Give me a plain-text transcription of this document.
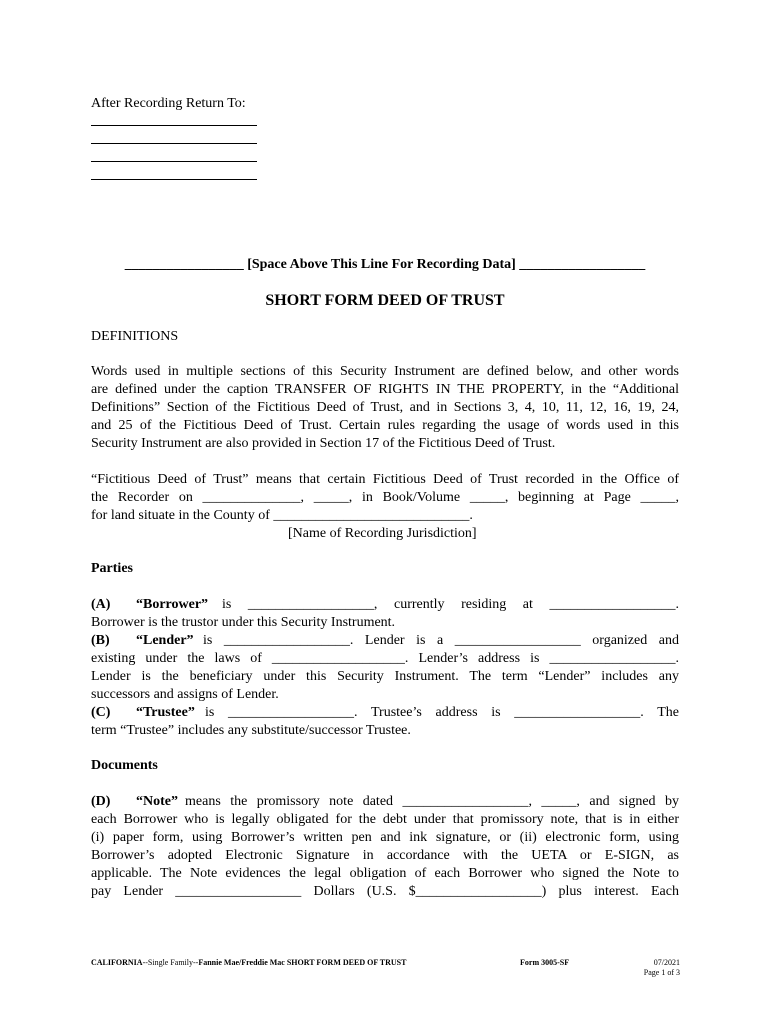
After Recording Return To:
_________________ [Space Above This Line For Recording Data] __________________
SHORT FORM DEED OF TRUST
DEFINITIONS
Words used in multiple sections of this Security Instrument are defined below, and other words
are defined under the caption TRANSFER OF RIGHTS IN THE PROPERTY, in the “Additional
Definitions” Section of the Fictitious Deed of Trust, and in Sections 3, 4, 10, 11, 12, 16, 19, 24,
and 25 of the Fictitious Deed of Trust. Certain rules regarding the usage of words used in this
Security Instrument are also provided in Section 17 of the Fictitious Deed of Trust.
“Fictitious Deed of Trust” means that certain Fictitious Deed of Trust recorded in the Office of
the Recorder on ______________, _____, in Book/Volume _____, beginning at Page _____,
for land situate in the County of ____________________________.
[Name of Recording Jurisdiction]
Parties
(A) “Borrower” is __________________, currently residing at __________________.
Borrower is the trustor under this Security Instrument.
(B) “Lender” is __________________. Lender is a __________________ organized and
existing under the laws of ___________________. Lender’s address is __________________.
Lender is the beneficiary under this Security Instrument. The term “Lender” includes any
successors and assigns of Lender.
(C) “Trustee” is __________________. Trustee’s address is __________________. The
term “Trustee” includes any substitute/successor Trustee.
Documents
(D) “Note” means the promissory note dated __________________, _____, and signed by
each Borrower who is legally obligated for the debt under that promissory note, that is in either
(i) paper form, using Borrower’s written pen and ink signature, or (ii) electronic form, using
Borrower’s adopted Electronic Signature in accordance with the UETA or E-SIGN, as
applicable. The Note evidences the legal obligation of each Borrower who signed the Note to
pay Lender __________________ Dollars (U.S. $__________________) plus interest. Each
CALIFORNIA--Single Family--Fannie Mae/Freddie Mac SHORT FORM DEED OF TRUST	Form 3005-SF	07/2021
Page 1 of 3
